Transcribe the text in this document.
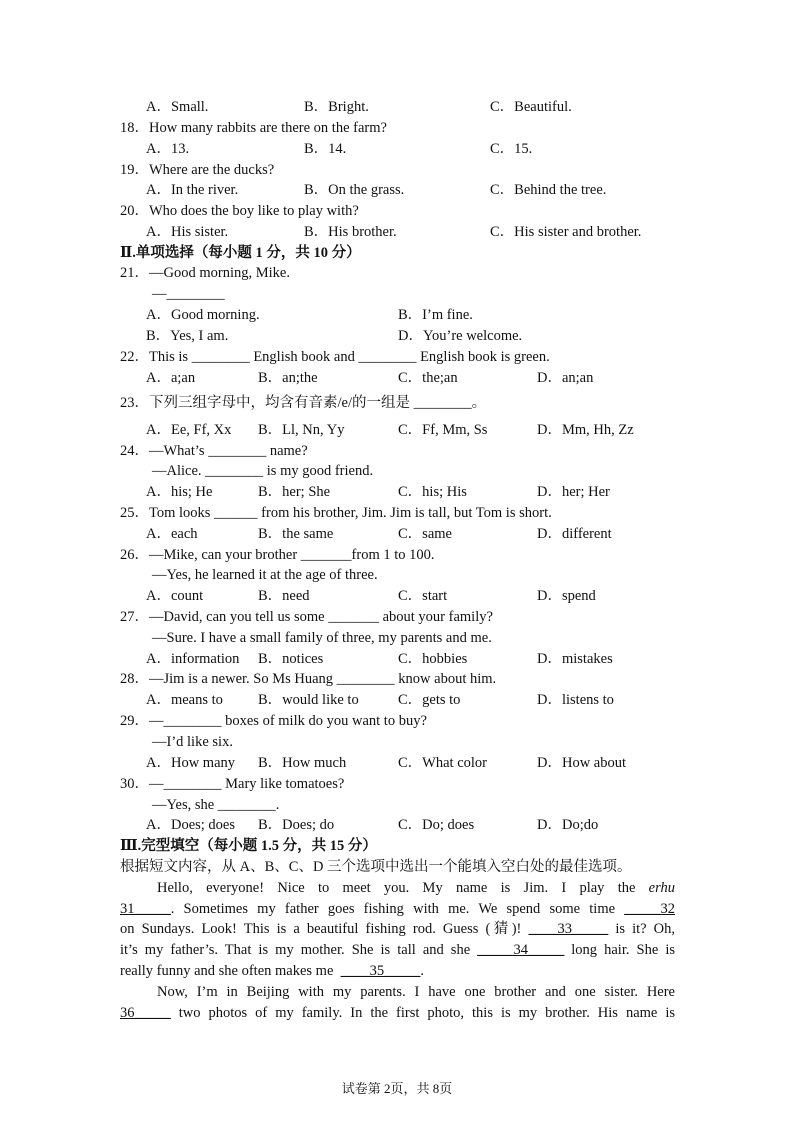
A．Small.	B．Bright.	C．Beautiful.
18．How many rabbits are there on the farm?
A．13.	B．14.	C．15.
19．Where are the ducks?
A．In the river.	B．On the grass.	C．Behind the tree.
20．Who does the boy like to play with?
A．His sister.	B．His brother.	C．His sister and brother.
Ⅱ.单项选择（每小题 1 分，共 10 分）
21．—Good morning, Mike.
—________
A．Good morning.	B．I’m fine.
B．Yes, I am.	D．You’re welcome.
22．This is ________ English book and ________ English book is green.
A．a;an	B．an;the	C．the;an	D．an;an
23．下列三组字母中，均含有音素/e/的一组是 ________。
A．Ee, Ff, Xx B．Ll, Nn, Yy	C．Ff, Mm, Ss	D．Mm, Hh, Zz
24．—What’s ________ name?
—Alice. ________ is my good friend.
A．his; He	B．her; She	C．his; His	D．her; Her
25．Tom looks ______ from his brother, Jim. Jim is tall, but Tom is short.
A．each	B．the same	C．same	D．different
26．—Mike, can your brother _______from 1 to 100.
—Yes, he learned it at the age of three.
A．count	B．need	C．start	D．spend
27．—David, can you tell us some _______ about your family?
—Sure. I have a small family of three, my parents and me.
A．information B．notices	C．hobbies	D．mistakes
28．—Jim is a newer. So Ms Huang ________ know about him.
A．means to B．would like to	C．gets to	D．listens to
29．—________ boxes of milk do you want to buy?
—I’d like six.
A．How many B．How much	C．What color	D．How about
30．—________ Mary like tomatoes?
—Yes, she ________.
A．Does; does B．Does; do	C．Do; does	D．Do;do
Ⅲ.完型填空（每小题 1.5 分，共 15 分）
根据短文内容，从 A、B、C、D 三个选项中选出一个能填入空白处的最佳选项。
Hello, everyone! Nice to meet you. My name is Jim. I play the erhu
31_____. Sometimes my father goes fishing with me. We spend some time _____32
on Sundays. Look! This is a beautiful fishing rod. Guess (猜)! ____33_____ is it? Oh,
it’s my father’s. That is my mother. She is tall and she _____34_____ long hair. She is
really funny and she often makes me ____35_____.
Now, I’m in Beijing with my parents. I have one brother and one sister. Here
36_____ two photos of my family. In the first photo, this is my brother. His name is
试卷第 2页，共 8页
